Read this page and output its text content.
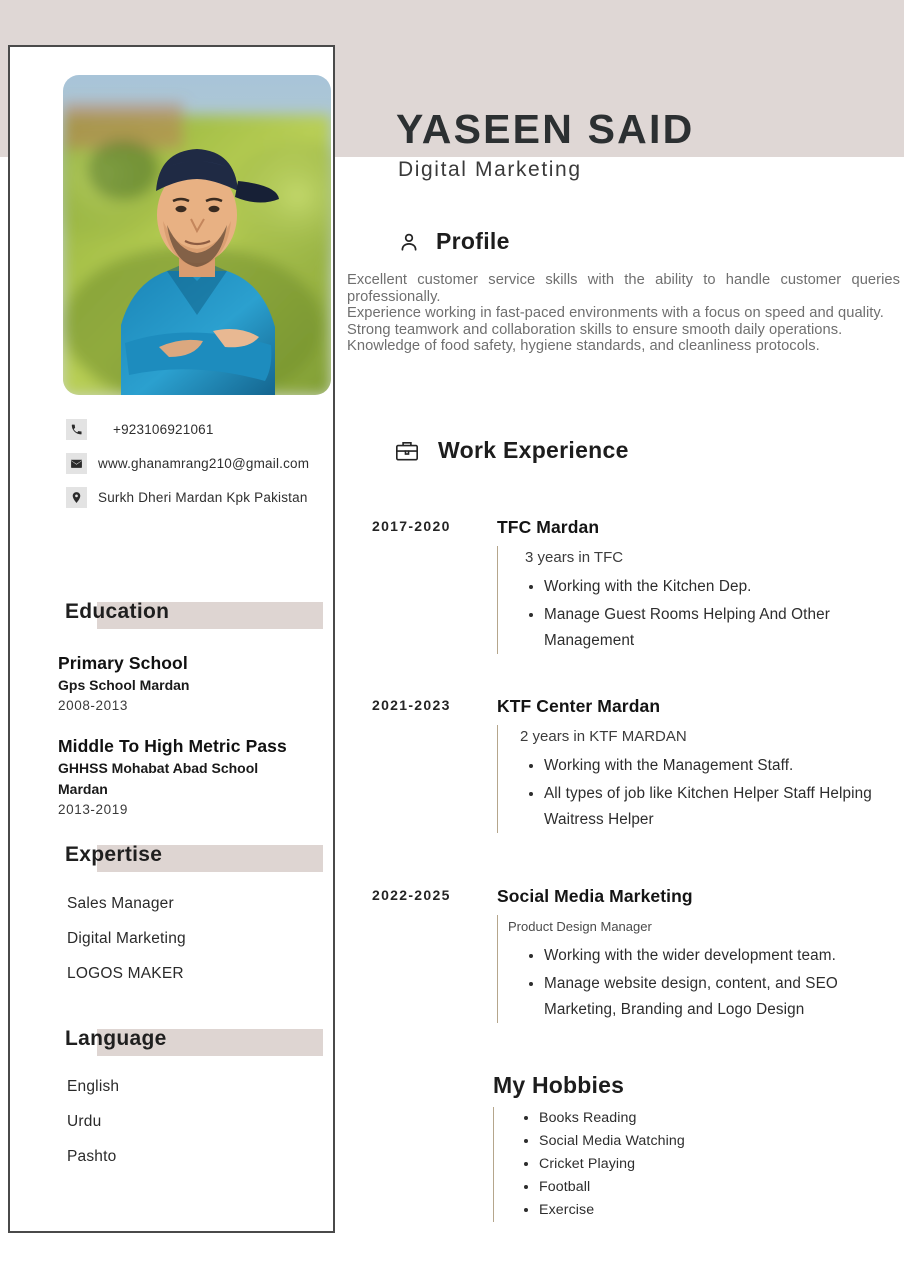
+923106921061
www.ghanamrang210@gmail.com
Surkh Dheri Mardan Kpk Pakistan
Education
Primary School
Gps School Mardan
2008-2013
Middle To High Metric Pass
GHHSS Mohabat Abad School Mardan
2013-2019
Expertise
Sales Manager
Digital Marketing
LOGOS MAKER
Language
English
Urdu
Pashto
YASEEN SAID
Digital Marketing
Profile

Excellent customer service skills with the ability to handle customer queries professionally.

Experience working in fast-paced environments with a focus on speed and quality.

Strong teamwork and collaboration skills to ensure smooth daily operations.

Knowledge of food safety, hygiene standards, and cleanliness protocols.

Work Experience
2017-2020	TFC Mardan
3 years in TFC
• Working with the Kitchen Dep.
• Manage Guest Rooms Helping And Other Management
2021-2023	KTF Center Mardan
2 years in KTF MARDAN
• Working with the Management Staff.
• All types of job like Kitchen Helper Staff Helping Waitress Helper
2022-2025	Social Media Marketing
Product Design Manager
• Working with the wider development team.
• Manage website design, content, and SEO Marketing, Branding and Logo Design
My Hobbies
• Books Reading
• Social Media Watching
• Cricket Playing
• Football
• Exercise
